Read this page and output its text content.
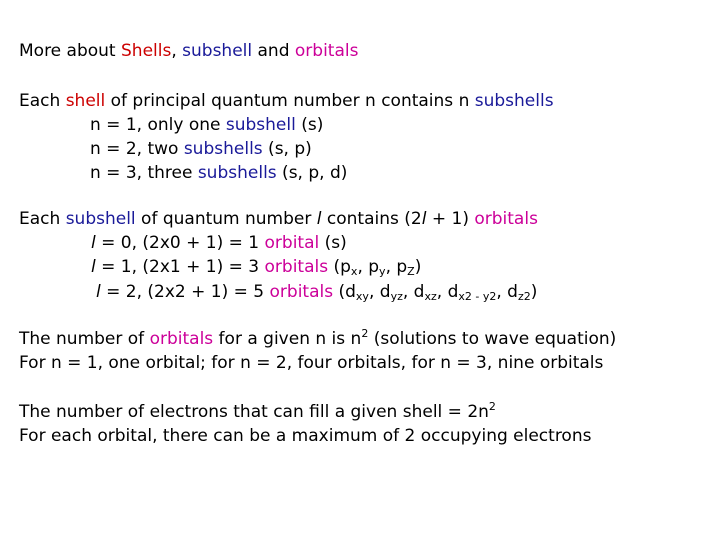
More about Shells, subshell and orbitals
Each shell of principal quantum number n contains n subshells
n = 1, only one subshell (s)
n = 2, two subshells (s, p)
n = 3, three subshells (s, p, d)
Each subshell of quantum number l contains (2l + 1) orbitals
l = 0, (2x0 + 1) = 1 orbital (s)
l = 1, (2x1 + 1) = 3 orbitals ($p_x$, $p_y$, $p_Z$)
l = 2, (2x2 + 1) = 5 orbitals ($d_{xy}$, $d_{yz}$, $d_{xz}$, $d_{x2 - y2}$, $d_{z2}$)
The number of orbitals for a given n is $n^2$ (solutions to wave equation)
For n = 1, one orbital; for n = 2, four orbitals, for n = 3, nine orbitals
The number of electrons that can fill a given shell = $2n^2$
For each orbital, there can be a maximum of 2 occupying electrons
